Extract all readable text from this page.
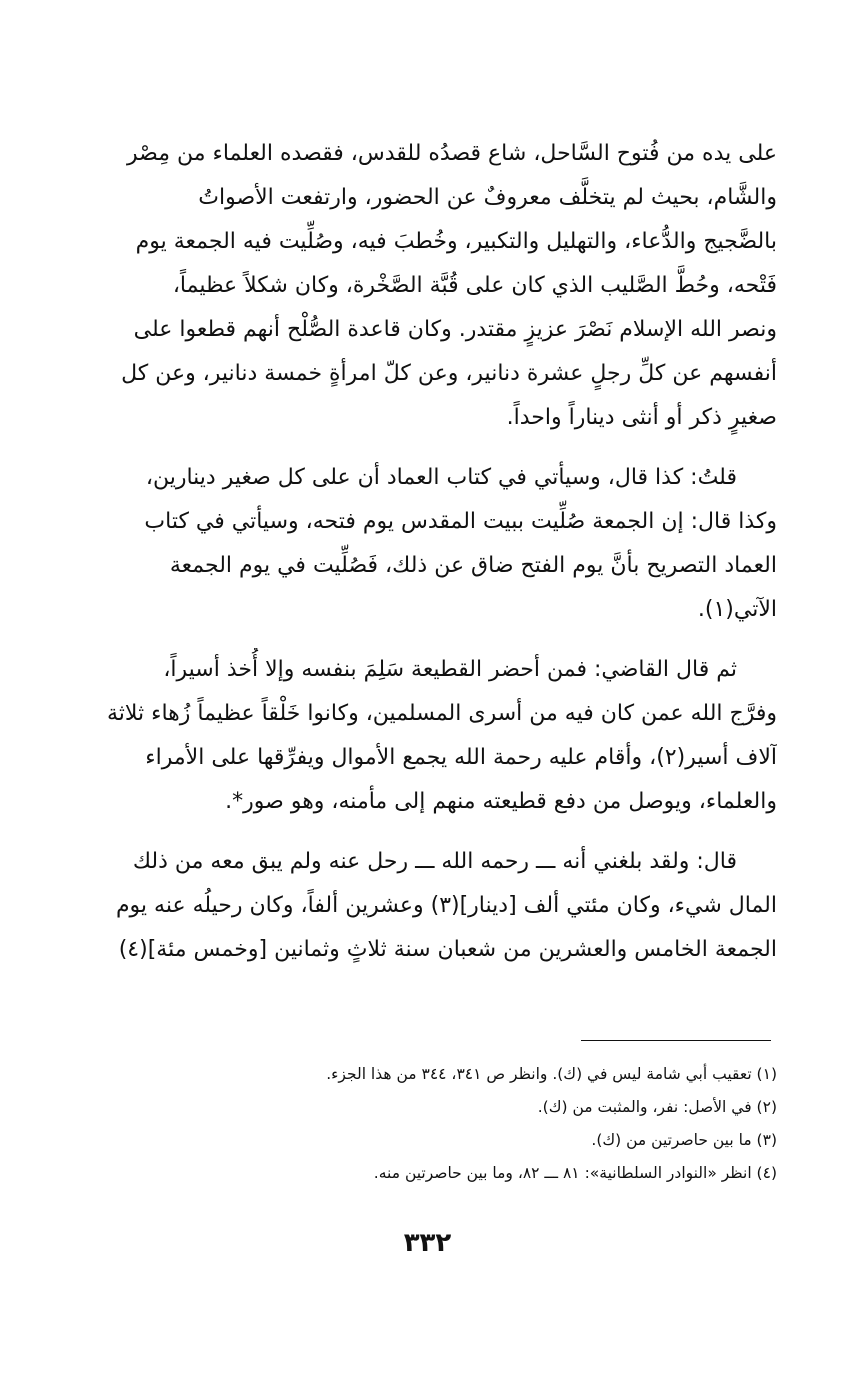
على يده من فُتوح السَّاحل، شاع قصدُه للقدس، فقصده العلماء من مِصْر
والشَّام، بحيث لم يتخلَّف معروفٌ عن الحضور، وارتفعت الأصواتُ
بالضَّجيج والدُّعاء، والتهليل والتكبير، وخُطبَ فيه، وصُلِّيت فيه الجمعة يوم
فَتْحه، وحُطَّ الصَّليب الذي كان على قُبَّة الصَّخْرة، وكان شكلاً عظيماً،
ونصر الله الإسلام نَصْرَ عزيزٍ مقتدر. وكان قاعدة الصُّلْح أنهم قطعوا على
أنفسهم عن كلِّ رجلٍ عشرة دنانير، وعن كلّ امرأةٍ خمسة دنانير، وعن كل
صغيرٍ ذكر أو أنثى ديناراً واحداً.

قلتُ: كذا قال، وسيأتي في كتاب العماد أن على كل صغير دينارين،
وكذا قال: إن الجمعة صُلِّيت ببيت المقدس يوم فتحه، وسيأتي في كتاب
العماد التصريح بأنَّ يوم الفتح ضاق عن ذلك، فَصُلِّيت في يوم الجمعة
الآتي(١).

ثم قال القاضي: فمن أحضر القطيعة سَلِمَ بنفسه وإلا أُخذ أسيراً،
وفرَّج الله عمن كان فيه من أسرى المسلمين، وكانوا خَلْقاً عظيماً زُهاء ثلاثة
آلاف أسير(٢)، وأقام عليه رحمة الله يجمع الأموال ويفرِّقها على الأمراء
والعلماء، ويوصل من دفع قطيعته منهم إلى مأمنه، وهو صور*.

قال: ولقد بلغني أنه ـــ رحمه الله ـــ رحل عنه ولم يبق معه من ذلك
المال شيء، وكان مئتي ألف [دينار](٣) وعشرين ألفاً، وكان رحيلُه عنه يوم
الجمعة الخامس والعشرين من شعبان سنة ثلاثٍ وثمانين [وخمس مئة](٤)

(١) تعقيب أبي شامة ليس في (ك). وانظر ص ٣٤١، ٣٤٤ من هذا الجزء.
(٢) في الأصل: نفر، والمثبت من (ك).
(٣) ما بين حاصرتين من (ك).
(٤) انظر «النوادر السلطانية»: ٨١ ـــ ٨٢، وما بين حاصرتين منه.
٣٣٢
